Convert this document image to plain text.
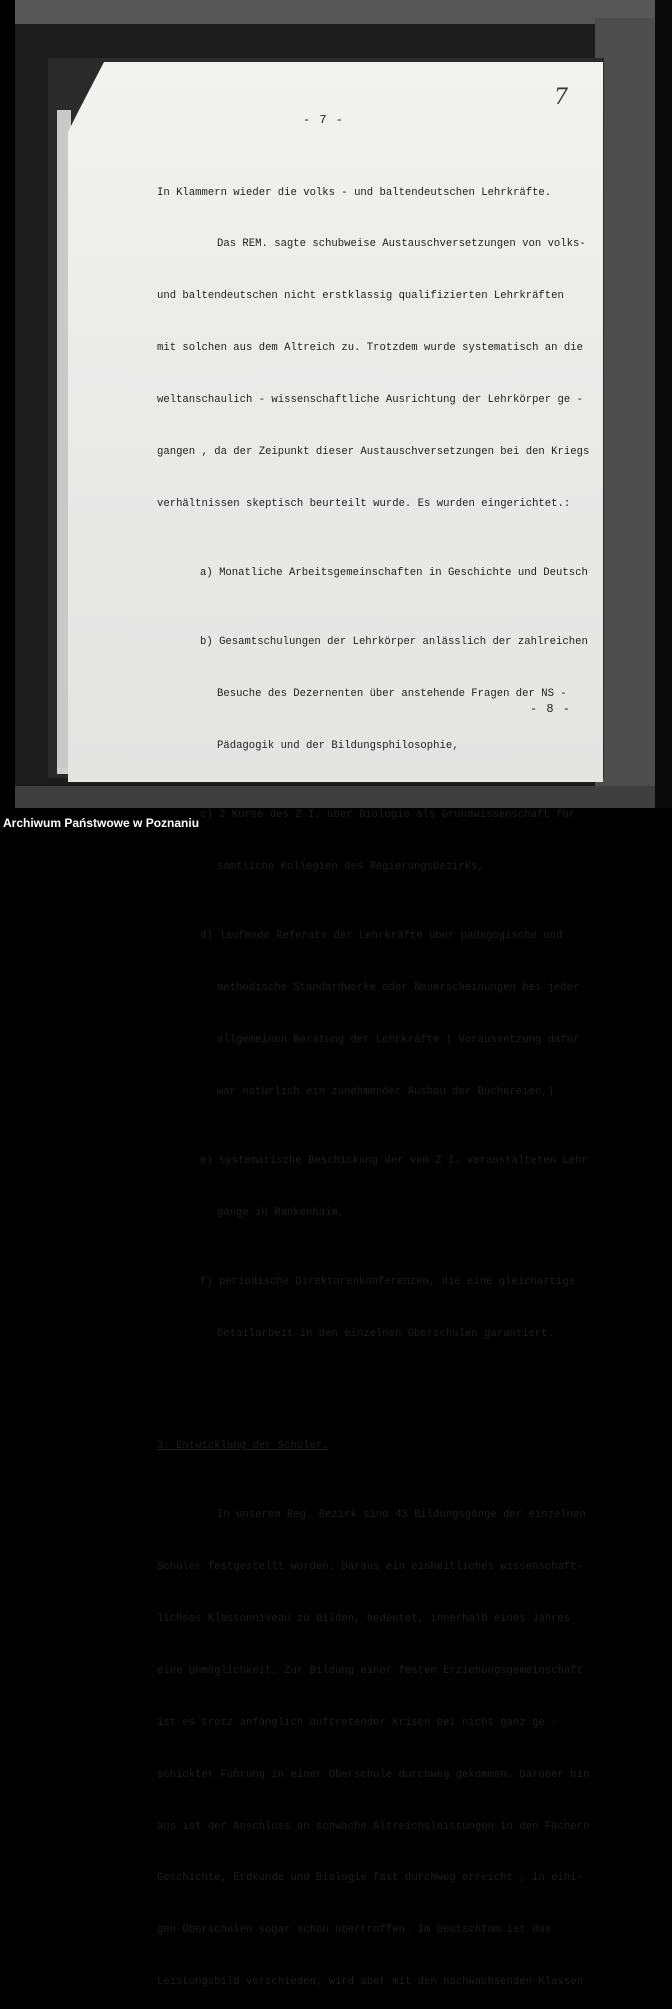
7
- 7 -

In Klammern wieder die volks - und baltendeutschen Lehrkräfte.

Das REM. sagte schubweise Austauschversetzungen von volks-

und baltendeutschen nicht erstklassig qualifizierten Lehrkräften

mit solchen aus dem Altreich zu. Trotzdem wurde systematisch an die

weltanschaulich - wissenschaftliche Ausrichtung der Lehrkörper ge -

gangen , da der Zeipunkt dieser Austauschversetzungen bei den Kriegs

verhältnissen skeptisch beurteilt wurde. Es wurden eingerichtet.:

a) Monatliche Arbeitsgemeinschaften in Geschichte und Deutsch

b) Gesamtschulungen der Lehrkörper anlässlich der zahlreichen

Besuche des Dezernenten über anstehende Fragen der NS -

Pädagogik und der Bildungsphilosophie,

c) 2 Kurse des Z I. über Biologie als Grundwissenschaft für

sämtliche Kollegien des Regierungsbezirks,

d) laufende Referate der Lehrkräfte über pädagogische und

methodische Standardwerke oder Neuerscheinungen bei jeder

allgemeinen Beratung der Lehrkräfte ( Voraussetzung dafür

war natürlich ein zunehmender Ausbau der Büchereien,)

e) systematische Beschickung der vom Z I. veranstalteten Lehr

gänge in Rankenhaim,

f) periodische Direktorenkonferenzen, die eine gleichartige

Detailarbeit in den einzelnen Oberschulen garantiert.

3. Entwicklung der Schüler.

In unserem Reg. Bezirk sind 43 Bildungsgänge der einzelnen

Schüler festgestellt worden. Daraus ein einheitliches wissenschaft-

lichses Klassonniveau zu bilden, bedeutet, innerhalb eines Jahres

eine Unmöglichkeit. Zur Bildung einer festen Erziehungsgemeinschaft

ist es trotz anfänglich auftretender Krisen bei nicht ganz ge -

schickter Führung in einer Oberschule durchweg gekommen. Darüber hin

aus ist der Anschluss an schwache Altreichsleistungen in den Fächern

Geschichte, Erdkunde und Biologie fast durchweg erreicht , in eini-

gen Oberschulen sogar schon übertroffen. Im Deutschtum ist das

Leistungsbild verschieden, wird aber mit den nachwachsenden Klassen

- 8 -
Archiwum Państwowe w Poznaniu
